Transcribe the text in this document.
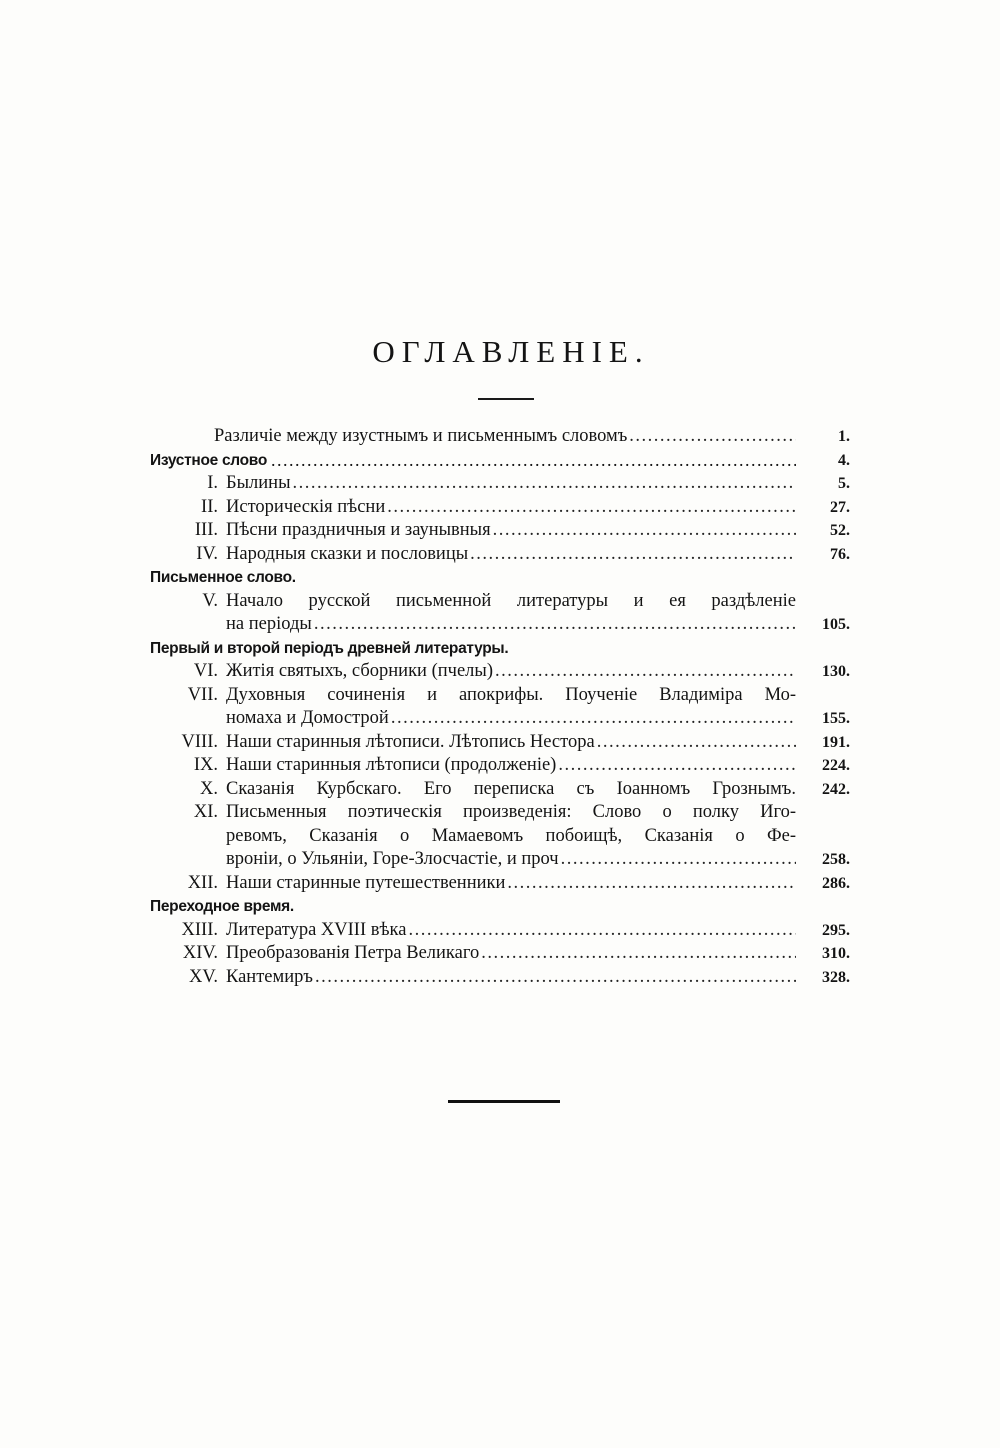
ОГЛАВЛЕНІЕ.
Различіе между изустнымъ и письменнымъ словомъ .....	1.
Изустное слово .....	4.
I. Былины .....	5.
II. Историческія пѣсни .....	27.
III. Пѣсни праздничныя и заунывныя .....	52.
IV. Народныя сказки и пословицы .....	76.
Письменное слово.
V. Начало русской письменной литературы и ея раздѣленіе
на періоды .....	105.
Первый и второй періодъ древней литературы.
VI. Житія святыхъ, сборники (пчелы) .....	130.
VII. Духовныя сочиненія и апокрифы. Поученіе Владиміра Мо-
номаха и Домострой .....	155.
VIII. Наши старинныя лѣтописи. Лѣтопись Нестора .....	191.
IX. Наши старинныя лѣтописи (продолженіе) .....	224.
X. Сказанія Курбскаго. Его переписка съ Іоанномъ Грознымъ.	242.
XI. Письменныя поэтическія произведенія: Слово о полку Иго-
ревомъ, Сказанія о Мамаевомъ побоищѣ, Сказанія о Фе-
вроніи, о Ульяніи, Горе-Злосчастіе, и проч .....	258.
XII. Наши старинные путешественники .....	286.
Переходное время.
XIII. Литература XVIII вѣка .....	295.
XIV. Преобразованія Петра Великаго .....	310.
XV. Кантемиръ .....	328.
